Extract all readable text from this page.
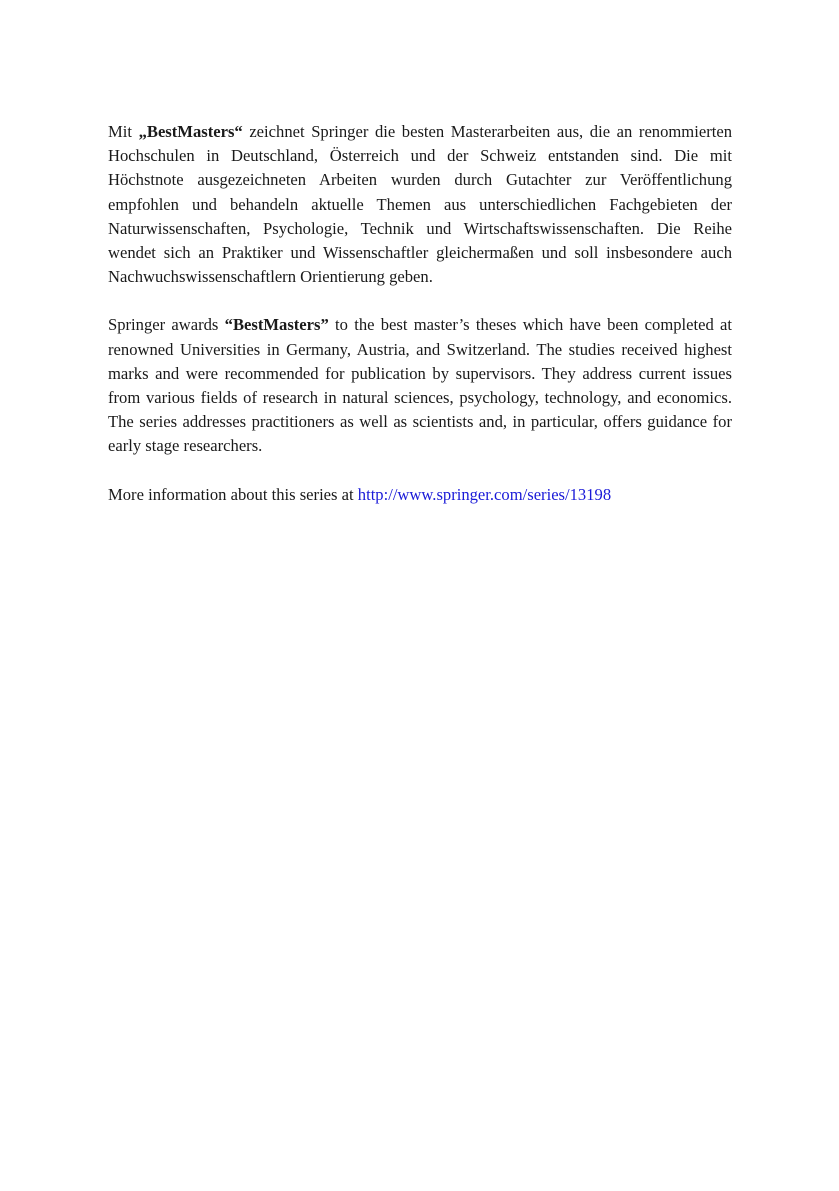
Mit „BestMasters“ zeichnet Springer die besten Masterarbeiten aus, die an renommierten Hochschulen in Deutschland, Österreich und der Schweiz entstanden sind. Die mit Höchstnote ausgezeichneten Arbeiten wurden durch Gutachter zur Veröffentlichung empfohlen und behandeln aktuelle Themen aus unterschiedlichen Fachgebieten der Naturwissenschaften, Psychologie, Technik und Wirtschaftswissenschaften. Die Reihe wendet sich an Praktiker und Wissenschaftler gleichermaßen und soll insbesondere auch Nachwuchswissenschaftlern Orientierung geben.

Springer awards “BestMasters” to the best master’s theses which have been completed at renowned Universities in Germany, Austria, and Switzerland. The studies received highest marks and were recommended for publication by supervisors. They address current issues from various fields of research in natural sciences, psychology, technology, and economics. The series addresses practitioners as well as scientists and, in particular, offers guidance for early stage researchers.

More information about this series at http://www.springer.com/series/13198
